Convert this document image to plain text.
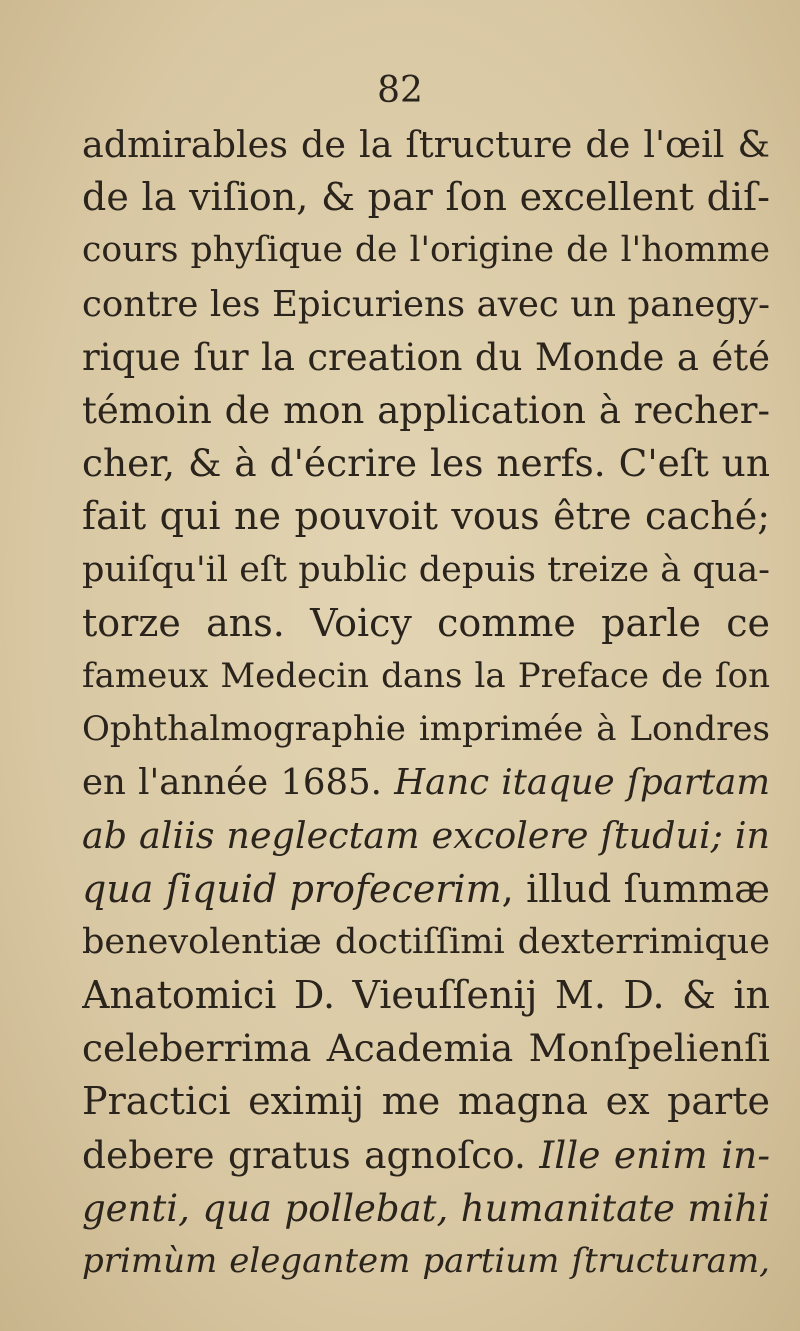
82
admirables de la ſtructure de l'œil &
de la viſion, & par ſon excellent diſ-
cours phyſique de l'origine de l'homme
contre les Epicuriens avec un panegy-
rique ſur la creation du Monde a été
témoin de mon application à recher-
cher, & à d'écrire les nerfs. C'eſt un
fait qui ne pouvoit vous être caché;
puiſqu'il eſt public depuis treize à qua-
torze ans. Voicy comme parle ce
fameux Medecin dans la Preface de ſon
Ophthalmographie imprimée à Londres
en l'année 1685. Hanc itaque ſpartam
ab aliis neglectam excolere ſtudui; in
qua ſiquid profecerim, illud ſummæ
benevolentiæ doctiſſimi dexterrimique
Anatomici D. Vieuſſenij M. D. & in
celeberrima Academia Monſpelienſi
Practici eximij me magna ex parte
debere gratus agnoſco. Ille enim in-
genti, qua pollebat, humanitate mihi
primùm elegantem partium ſtructuram,
